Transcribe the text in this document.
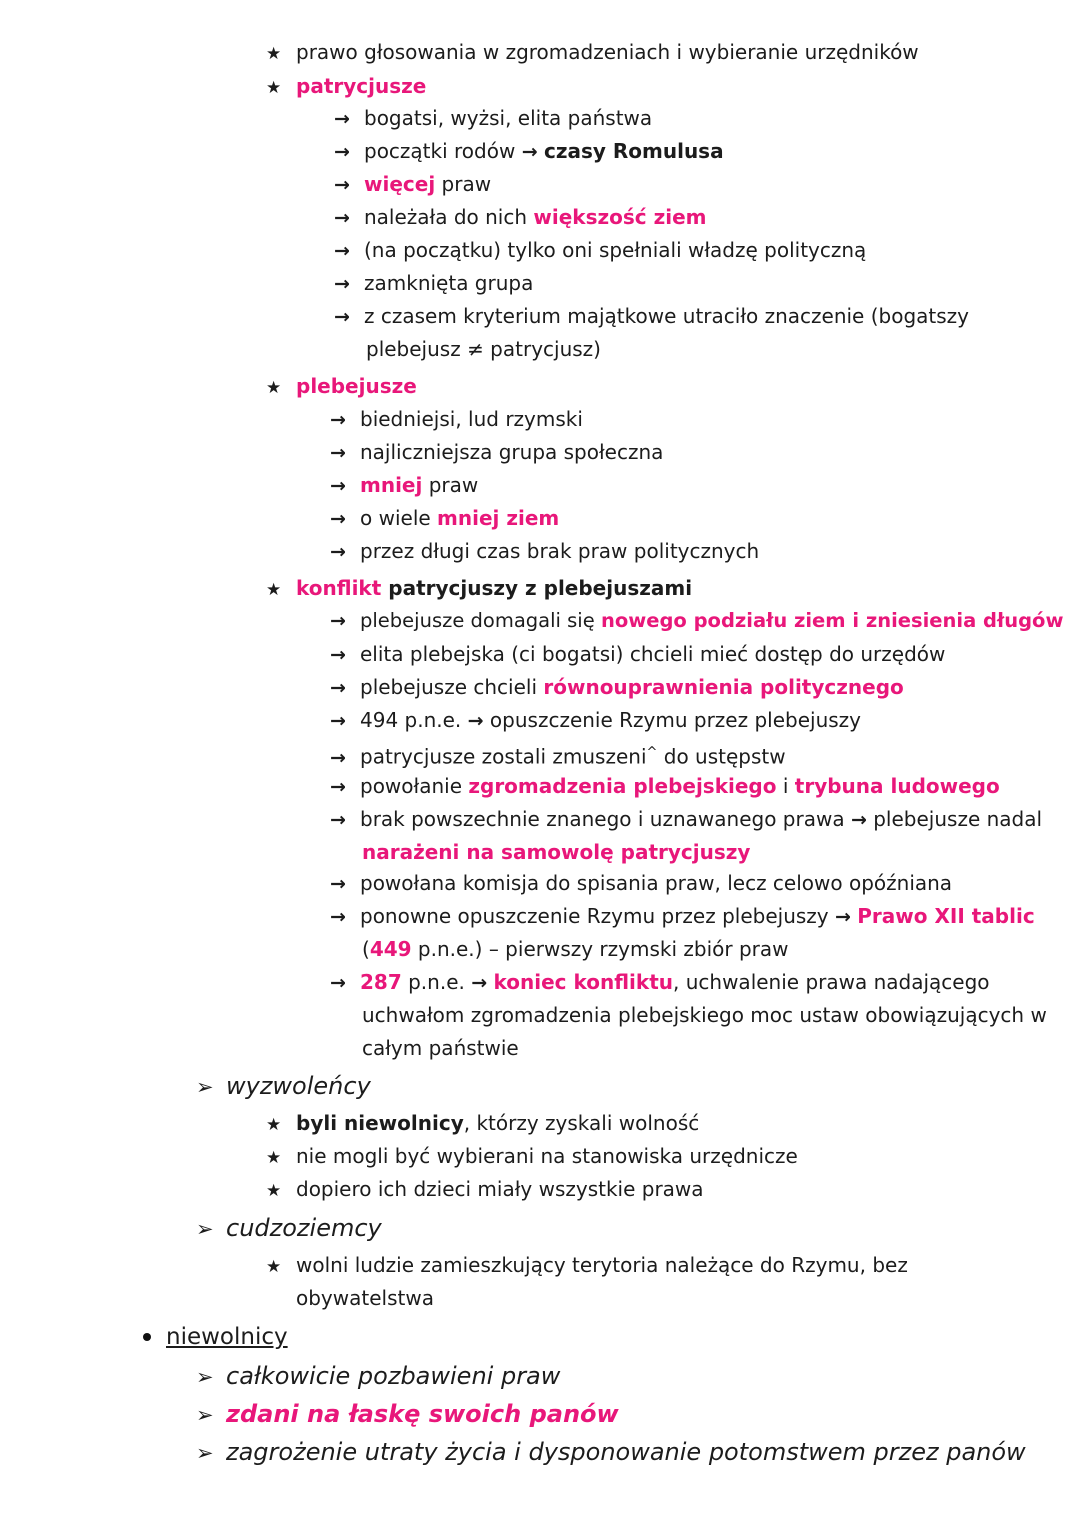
★ prawo głosowania w zgromadzeniach i wybieranie urzędników
★ patrycjusze
→ bogatsi, wyżsi, elita państwa
→ początki rodów → czasy Romulusa
→ więcej praw
→ należała do nich większość ziem
→ (na początku) tylko oni spełniali władzę polityczną
→ zamknięta grupa
→ z czasem kryterium majątkowe utraciło znaczenie (bogatszy
plebejusz ≠ patrycjusz)
★ plebejusze
→ biedniejsi, lud rzymski
→ najliczniejsza grupa społeczna
→ mniej praw
→ o wiele mniej ziem
→ przez długi czas brak praw politycznych
★ konflikt patrycjuszy z plebejuszami
→ plebejusze domagali się nowego podziału ziem i zniesienia długów
→ elita plebejska (ci bogatsi) chcieli mieć dostęp do urzędów
→ plebejusze chcieli równouprawnienia politycznego
→ 494 p.n.e. → opuszczenie Rzymu przez plebejuszy
→ patrycjusze zostali zmuszeni^ do ustępstw
→ powołanie zgromadzenia plebejskiego i trybuna ludowego
→ brak powszechnie znanego i uznawanego prawa → plebejusze nadal
narażeni na samowolę patrycjuszy
→ powołana komisja do spisania praw, lecz celowo opóźniana
→ ponowne opuszczenie Rzymu przez plebejuszy → Prawo XII tablic
(449 p.n.e.) – pierwszy rzymski zbiór praw
→ 287 p.n.e. → koniec konfliktu, uchwalenie prawa nadającego
uchwałom zgromadzenia plebejskiego moc ustaw obowiązujących w
całym państwie
➢ wyzwoleńcy
★ byli niewolnicy, którzy zyskali wolność
★ nie mogli być wybierani na stanowiska urzędnicze
★ dopiero ich dzieci miały wszystkie prawa
➢ cudzoziemcy
★ wolni ludzie zamieszkujący terytoria należące do Rzymu, bez
obywatelstwa
niewolnicy
➢ całkowicie pozbawieni praw
➢ zdani na łaskę swoich panów
➢ zagrożenie utraty życia i dysponowanie potomstwem przez panów
